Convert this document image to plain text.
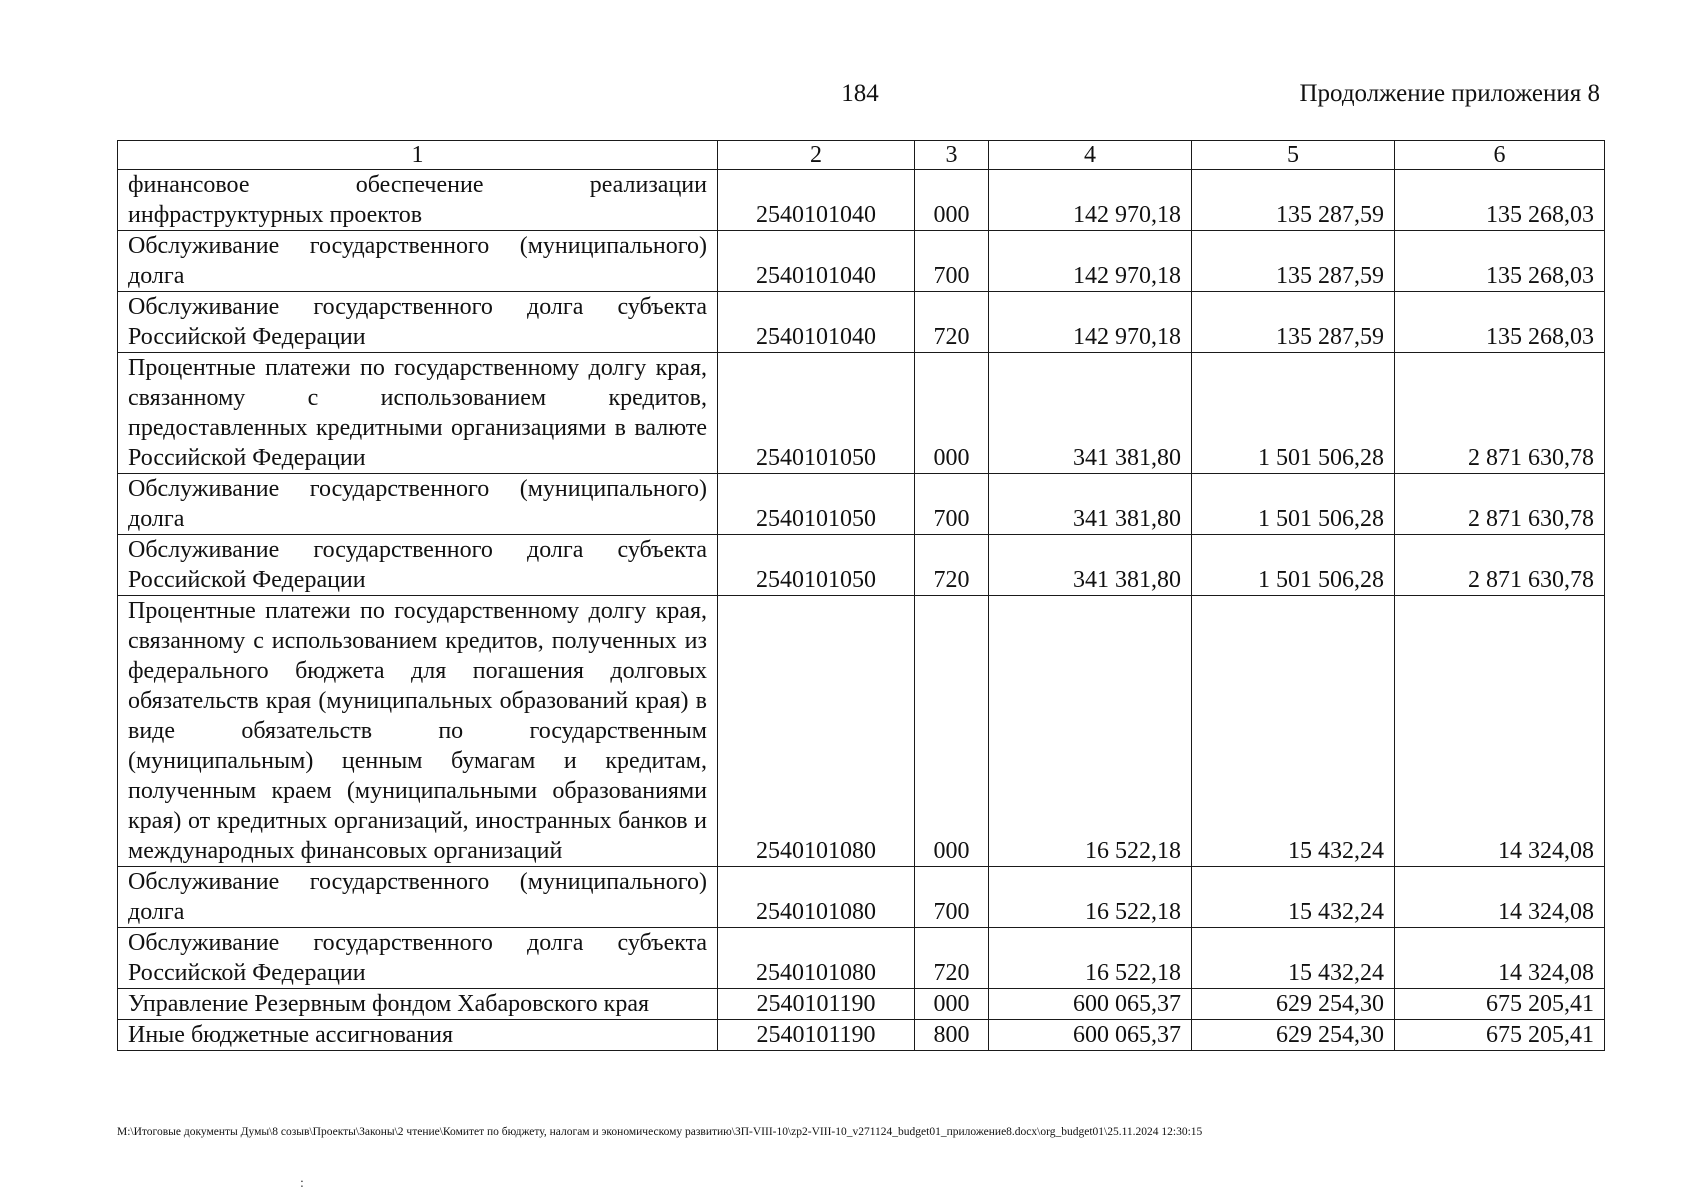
184	Продолжение приложения 8
1	2	3	4	5	6
финансовое обеспечение реализации инфраструктурных проектов	2540101040	000	142 970,18	135 287,59	135 268,03
Обслуживание государственного (муниципального) долга	2540101040	700	142 970,18	135 287,59	135 268,03
Обслуживание государственного долга субъекта Российской Федерации	2540101040	720	142 970,18	135 287,59	135 268,03
Процентные платежи по государственному долгу края, связанному с использованием кредитов, предоставленных кредитными организациями в валюте Российской Федерации	2540101050	000	341 381,80	1 501 506,28	2 871 630,78
Обслуживание государственного (муниципального) долга	2540101050	700	341 381,80	1 501 506,28	2 871 630,78
Обслуживание государственного долга субъекта Российской Федерации	2540101050	720	341 381,80	1 501 506,28	2 871 630,78
Процентные платежи по государственному долгу края, связанному с использованием кредитов, полученных из федерального бюджета для погашения долговых обязательств края (муниципальных образований края) в виде обязательств по государственным (муниципальным) ценным бумагам и кредитам, полученным краем (муниципальными образованиями края) от кредитных организаций, иностранных банков и международных финансовых организаций	2540101080	000	16 522,18	15 432,24	14 324,08
Обслуживание государственного (муниципального) долга	2540101080	700	16 522,18	15 432,24	14 324,08
Обслуживание государственного долга субъекта Российской Федерации	2540101080	720	16 522,18	15 432,24	14 324,08
Управление Резервным фондом Хабаровского края	2540101190	000	600 065,37	629 254,30	675 205,41
Иные бюджетные ассигнования	2540101190	800	600 065,37	629 254,30	675 205,41
M:\Итоговые документы Думы\8 созыв\Проекты\Законы\2 чтение\Комитет по бюджету, налогам и экономическому развитию\ЗП-VIII-10\zp2-VIII-10_v271124_budget01_приложение8.docx\org_budget01\25.11.2024 12:30:15
:
